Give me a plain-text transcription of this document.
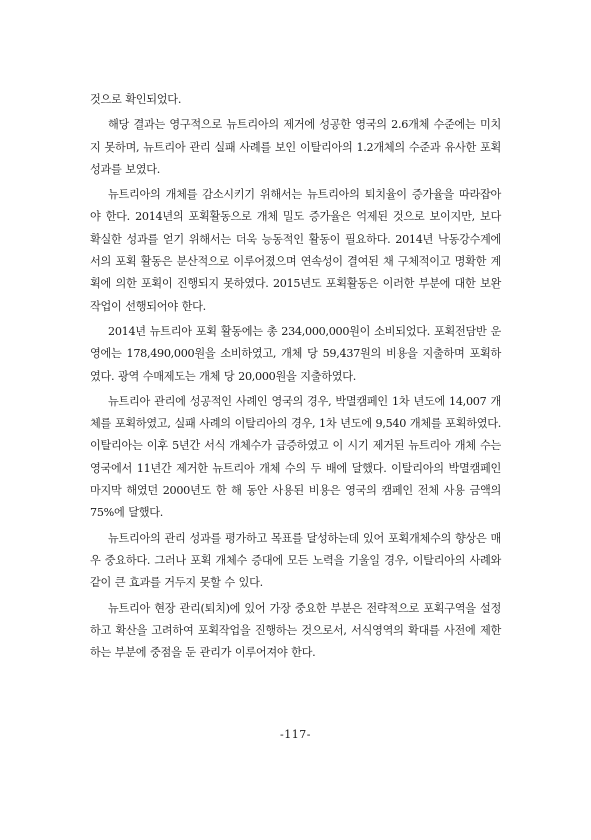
것으로 확인되었다.

해당 결과는 영구적으로 뉴트리아의 제거에 성공한 영국의 2.6개체 수준에는 미치지 못하며, 뉴트리아 관리 실패 사례를 보인 이탈리아의 1.2개체의 수준과 유사한 포획 성과를 보였다.

뉴트리아의 개체를 감소시키기 위해서는 뉴트리아의 퇴치율이 증가율을 따라잡아야 한다. 2014년의 포획활동으로 개체 밀도 증가율은 억제된 것으로 보이지만, 보다 확실한 성과를 얻기 위해서는 더욱 능동적인 활동이 필요하다. 2014년 낙동강수계에서의 포획 활동은 분산적으로 이루어졌으며 연속성이 결여된 채 구체적이고 명확한 계획에 의한 포획이 진행되지 못하였다. 2015년도 포획활동은 이러한 부분에 대한 보완 작업이 선행되어야 한다.

2014년 뉴트리아 포획 활동에는 총 234,000,000원이 소비되었다. 포획전담반 운영에는 178,490,000원을 소비하였고, 개체 당 59,437원의 비용을 지출하며 포획하였다. 광역 수매제도는 개체 당 20,000원을 지출하였다.

뉴트리아 관리에 성공적인 사례인 영국의 경우, 박멸캠페인 1차 년도에 14,007 개체를 포획하였고, 실패 사례의 이탈리아의 경우, 1차 년도에 9,540 개체를 포획하였다. 이탈리아는 이후 5년간 서식 개체수가 급증하였고 이 시기 제거된 뉴트리아 개체 수는 영국에서 11년간 제거한 뉴트리아 개체 수의 두 배에 달했다. 이탈리아의 박멸캠페인 마지막 해였던 2000년도 한 해 동안 사용된 비용은 영국의 캠페인 전체 사용 금액의 75%에 달했다.

뉴트리아의 관리 성과를 평가하고 목표를 달성하는데 있어 포획개체수의 향상은 매우 중요하다. 그러나 포획 개체수 증대에 모든 노력을 기울일 경우, 이탈리아의 사례와 같이 큰 효과를 거두지 못할 수 있다.

뉴트리아 현장 관리(퇴치)에 있어 가장 중요한 부분은 전략적으로 포획구역을 설정하고 확산을 고려하여 포획작업을 진행하는 것으로서, 서식영역의 확대를 사전에 제한하는 부분에 중점을 둔 관리가 이루어져야 한다.

-117-
